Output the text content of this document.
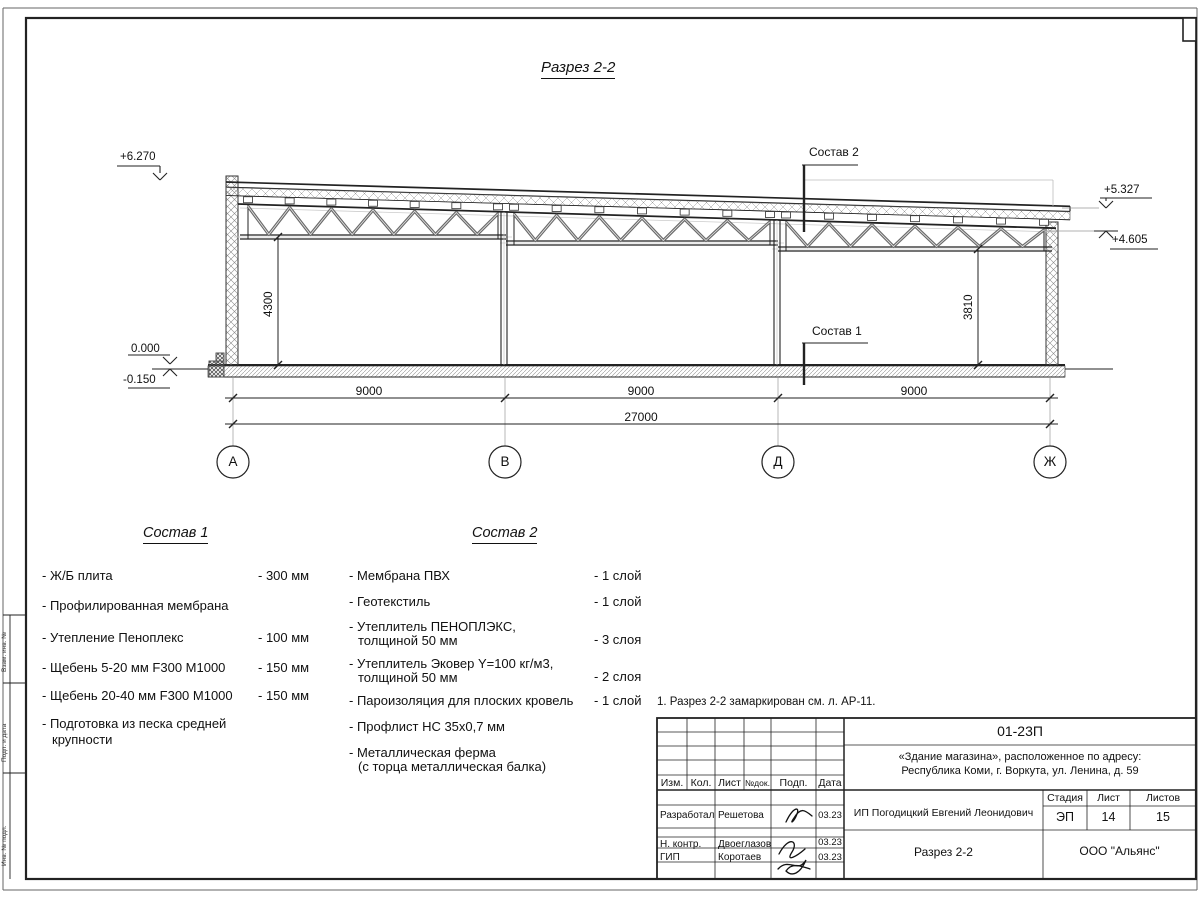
Разрез 2-2
+6.270
0.000
-0.150
+5.327
+4.605
Состав 2
Состав 1
9000	9000	9000
27000
4300	3810
А	В	Д	Ж
Состав 1
- Ж/Б плита	- 300 мм
- Профилированная мембрана
- Утепление Пеноплекс	- 100 мм
- Щебень 5-20 мм F300 М1000	- 150 мм
- Щебень 20-40 мм F300 М1000 - 150 мм
- Подготовка из песка средней
крупности
Состав 2
- Мембрана ПВХ	- 1 слой
- Геотекстиль	- 1 слой
- Утеплитель ПЕНОПЛЭКС,
толщиной 50 мм	- 3 слоя
- Утеплитель Эковер Y=100 кг/м3,
толщиной 50 мм	- 2 слоя
- Пароизоляция для плоских кровель - 1 слой
- Профлист НС 35х0,7 мм
- Металлическая ферма
(с торца металлическая балка)
1. Разрез 2-2 замаркирован см. л. АР-11.
01-23П
«Здание магазина», расположенное по адресу:
Республика Коми, г. Воркута, ул. Ленина, д. 59
Изм. Кол. Лист №док. Подп.	Дата
Разработал Решетова	03.23
Н. контр. Двоеглазов	03.23
ГИП	Коротаев	03.23
ИП Погодицкий Евгений Леонидович
Стадия	Лист	Листов
ЭП	14	15
Разрез 2-2	ООО "Альянс"
Взам. инв. №
Подп. и дата
Инв. № подл.
